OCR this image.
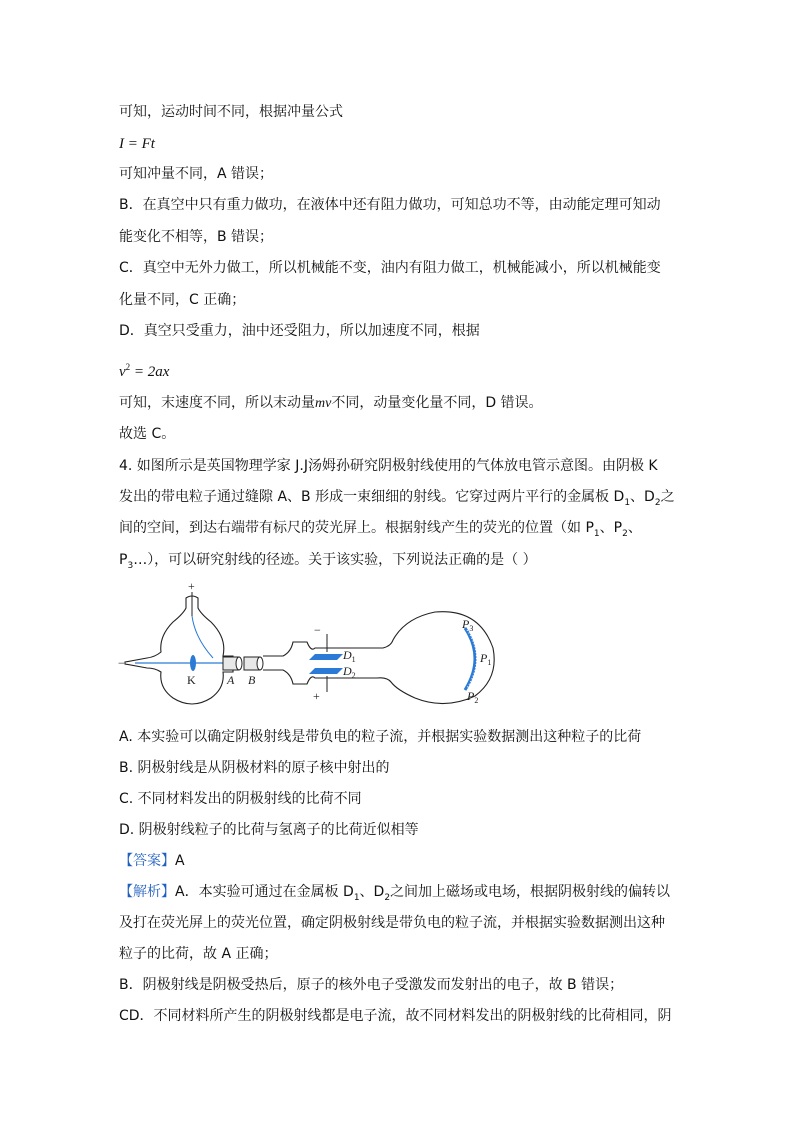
可知，运动时间不同，根据冲量公式
I = Ft
可知冲量不同，A 错误；
B．在真空中只有重力做功，在液体中还有阻力做功，可知总功不等，由动能定理可知动
能变化不相等，B 错误；
C．真空中无外力做工，所以机械能不变，油内有阻力做工，机械能减小，所以机械能变
化量不同，C 正确；
D．真空只受重力，油中还受阻力，所以加速度不同，根据
$v^2 = 2ax$
可知，末速度不同，所以末动量mv不同，动量变化量不同，D 错误。
故选 C。
4. 如图所示是英国物理学家 J.J汤姆孙研究阴极射线使用的气体放电管示意图。由阴极 K
发出的带电粒子通过缝隙 A、B 形成一束细细的射线。它穿过两片平行的金属板 $D_1$、$D_2$之
间的空间，到达右端带有标尺的荧光屏上。根据射线产生的荧光的位置（如 $P_1$、$P_2$、
$P_3\dots$），可以研究射线的径迹。关于该实验，下列说法正确的是（ ）
+
−
K	A B
−
+
$D_1$
$D_2$
$P_3$
$P_1$
$P_2$
A. 本实验可以确定阴极射线是带负电的粒子流，并根据实验数据测出这种粒子的比荷
B. 阴极射线是从阴极材料的原子核中射出的
C. 不同材料发出的阴极射线的比荷不同
D. 阴极射线粒子的比荷与氢离子的比荷近似相等
【答案】A
【解析】A．本实验可通过在金属板 $D_1$、$D_2$之间加上磁场或电场，根据阴极射线的偏转以
及打在荧光屏上的荧光位置，确定阴极射线是带负电的粒子流，并根据实验数据测出这种
粒子的比荷，故 A 正确；
B．阴极射线是阴极受热后，原子的核外电子受激发而发射出的电子，故 B 错误；
CD．不同材料所产生的阴极射线都是电子流，故不同材料发出的阴极射线的比荷相同，阴
